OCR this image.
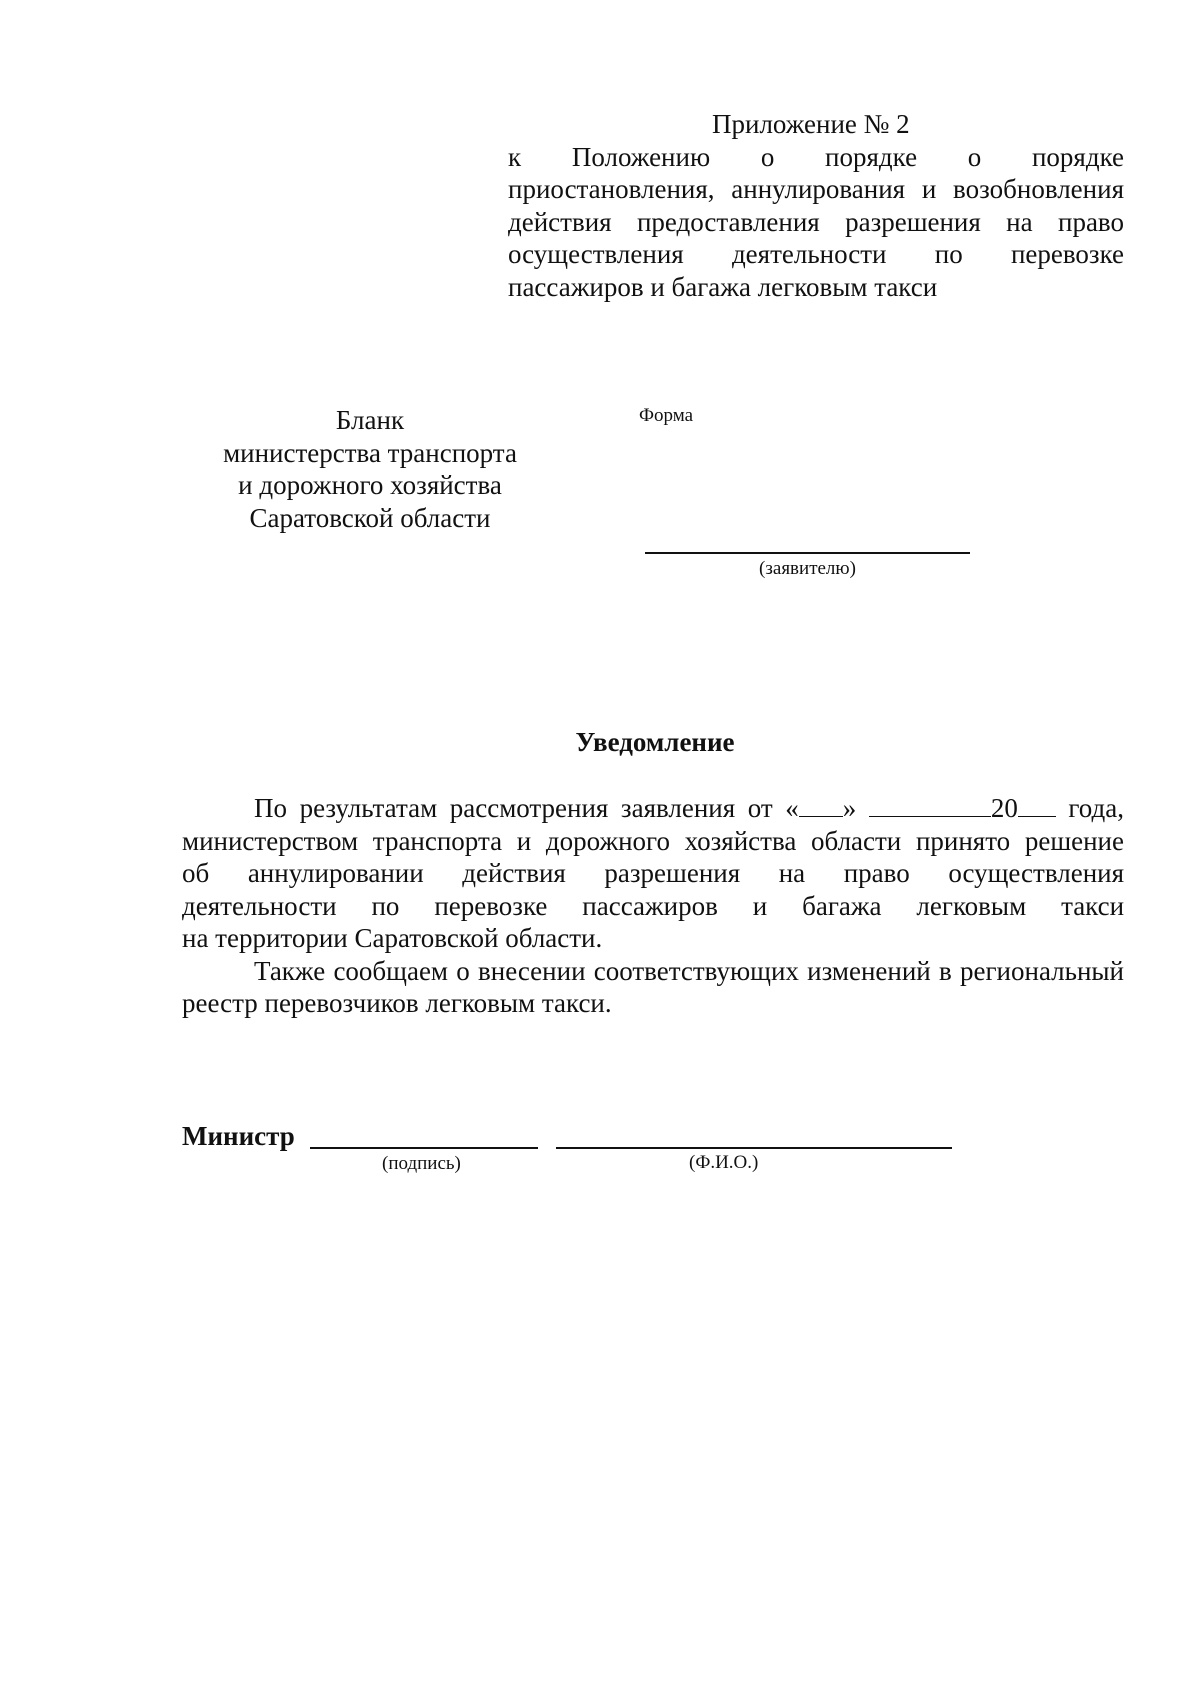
Приложение № 2
к Положению о порядке о порядке
приостановления, аннулирования и возобновления
действия предоставления разрешения на право
осуществления деятельности по перевозке
пассажиров и багажа легковым такси
Бланк
министерства транспорта
и дорожного хозяйства
Саратовской области
Форма
(заявителю)
Уведомление
По результатам рассмотрения заявления от « »	20 года,
министерством транспорта и дорожного хозяйства области принято решение
об аннулировании действия разрешения на право осуществления
деятельности по перевозке пассажиров и багажа легковым такси
на территории Саратовской области.
Также сообщаем о внесении соответствующих изменений в региональный
реестр перевозчиков легковым такси.
Министр
(подпись)	(Ф.И.О.)
